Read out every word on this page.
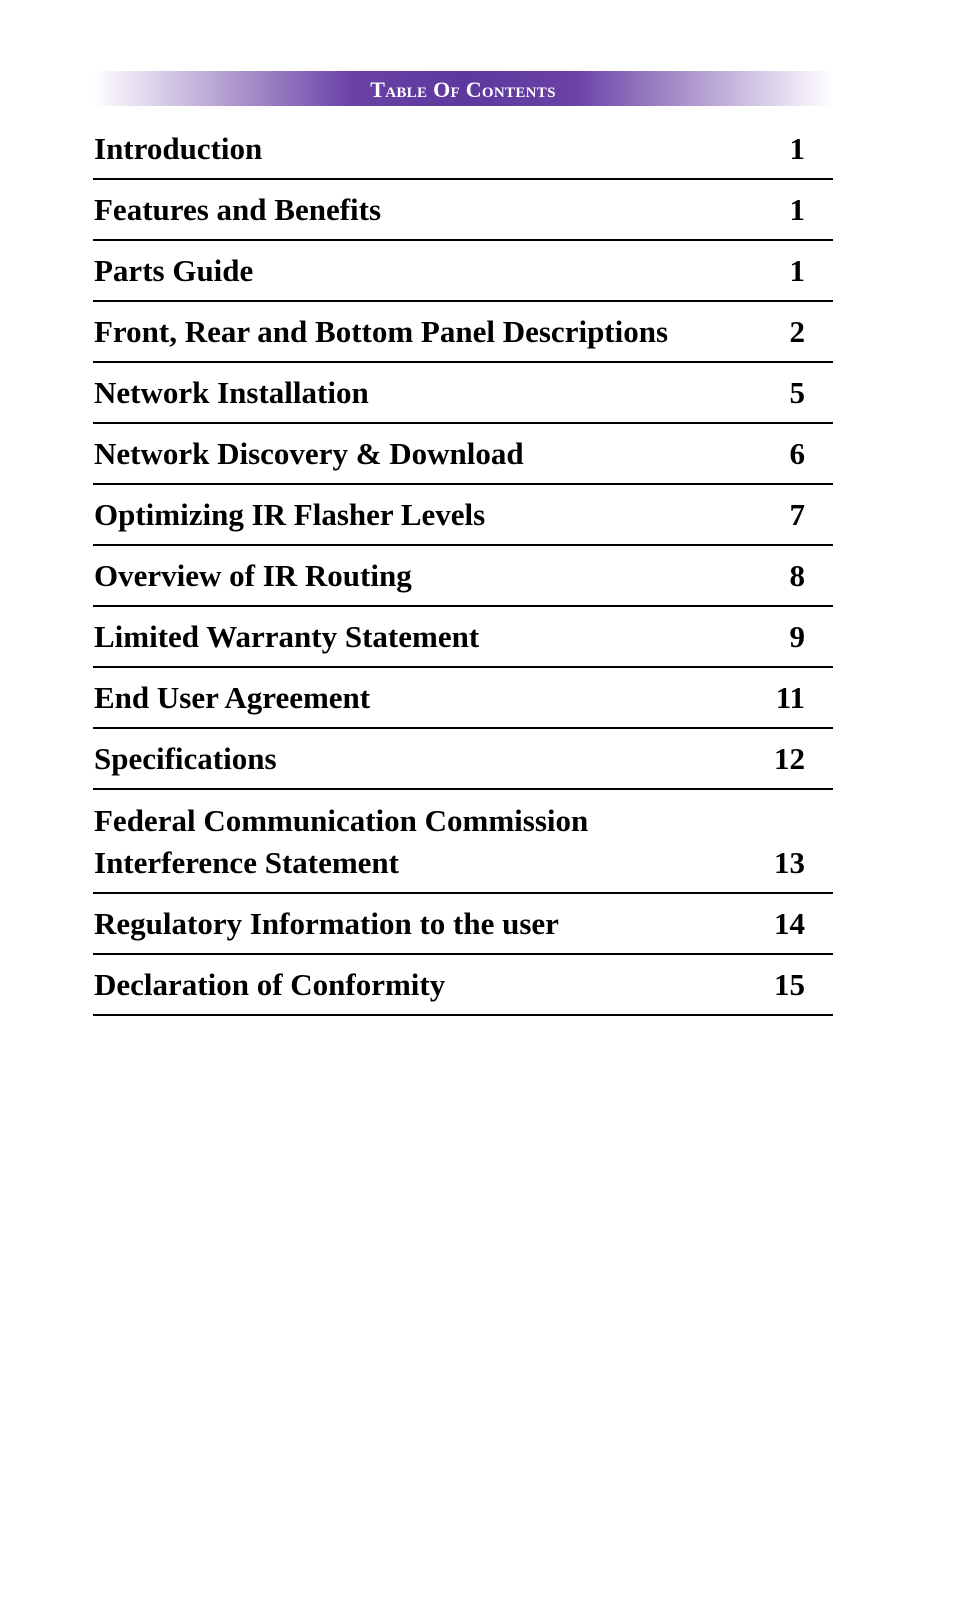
Table Of Contents
Introduction	1
Features and Benefits	1
Parts Guide	1
Front, Rear and Bottom Panel Descriptions	2
Network Installation	5
Network Discovery & Download	6
Optimizing IR Flasher Levels	7
Overview of IR Routing	8
Limited Warranty Statement	9
End User Agreement	11
Specifications	12
Federal Communication Commission
Interference Statement	13
Regulatory Information to the user	14
Declaration of Conformity	15
